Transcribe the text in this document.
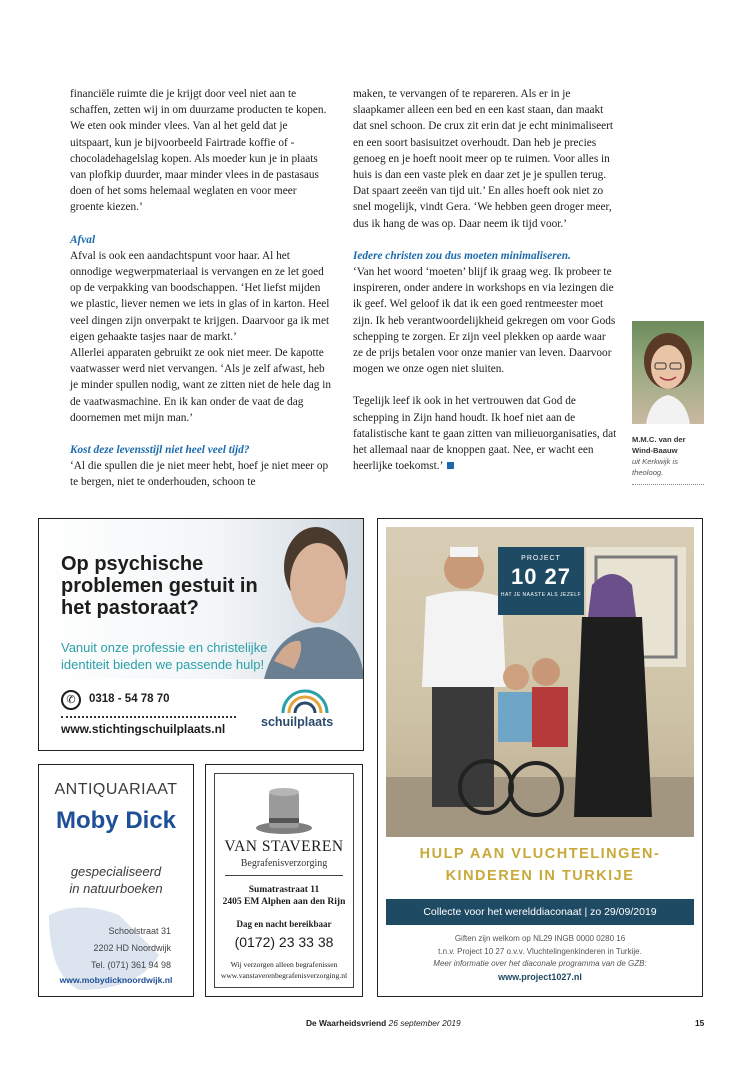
financiële ruimte die je krijgt door veel niet aan te schaffen, zetten wij in om duurzame producten te kopen. We eten ook minder vlees. Van al het geld dat je uitspaart, kun je bijvoorbeeld Fairtrade koffie of -chocoladehagelslag kopen. Als moeder kun je in plaats van plofkip duurder, maar minder vlees in de pastasaus doen of het soms helemaal weglaten en voor meer groente kiezen.’

Afval

Afval is ook een aandachtspunt voor haar. Al het onnodige wegwerpmateriaal is vervangen en ze let goed op de verpakking van boodschappen. ‘Het liefst mijden we plastic, liever nemen we iets in glas of in karton. Heel veel dingen zijn onverpakt te krijgen. Daarvoor ga ik met eigen gehaakte tasjes naar de markt.’

Allerlei apparaten gebruikt ze ook niet meer. De kapotte vaatwasser werd niet vervangen. ‘Als je zelf afwast, heb je minder spullen nodig, want ze zitten niet de hele dag in de vaatwasmachine. En ik kan onder de vaat de dag doornemen met mijn man.’

Kost deze levensstijl niet heel veel tijd?

‘Al die spullen die je niet meer hebt, hoef je niet meer op te bergen, niet te onderhouden, schoon te

maken, te vervangen of te repareren. Als er in je slaapkamer alleen een bed en een kast staan, dan maakt dat snel schoon. De crux zit erin dat je echt minimaliseert en een soort basisuitzet overhoudt. Dan heb je precies genoeg en je hoeft nooit meer op te ruimen. Voor alles in huis is dan een vaste plek en daar zet je je spullen terug. Dat spaart zeeën van tijd uit.’ En alles hoeft ook niet zo snel mogelijk, vindt Gera. ‘We hebben geen droger meer, dus ik hang de was op. Daar neem ik tijd voor.’

Iedere christen zou dus moeten minimaliseren.

‘Van het woord ‘moeten’ blijf ik graag weg. Ik probeer te inspireren, onder andere in workshops en via lezingen die ik geef. Wel geloof ik dat ik een goed rentmeester moet zijn. Ik heb verantwoordelijkheid gekregen om voor Gods schepping te zorgen. Er zijn veel plekken op aarde waar ze de prijs betalen voor onze manier van leven. Daarvoor mogen we onze ogen niet sluiten.

Tegelijk leef ik ook in het vertrouwen dat God de schepping in Zijn hand houdt. Ik hoef niet aan de fatalistische kant te gaan zitten van milieuorganisaties, dat het allemaal naar de knoppen gaat. Nee, er wacht een heerlijke toekomst.’

M.M.C. van der
Wind-Baauw
uit Kerkwijk is
theoloog.
Op psychische problemen gestuit in het pastoraat?
Vanuit onze professie en christelijke identiteit bieden we passende hulp!
✆	0318 - 54 78 70
www.stichtingschuilplaats.nl	schuilplaats
ANTIQUARIAAT
Moby Dick
gespecialiseerd
in natuurboeken
Schoolstraat 31
2202 HD Noordwijk
Tel. (071) 361 94 98
www.mobydicknoordwijk.nl
VAN STAVEREN
Begrafenisverzorging
Sumatrastraat 11
2405 EM Alphen aan den Rijn
Dag en nacht bereikbaar
(0172) 23 33 38
Wij verzorgen alleen begrafenissen
www.vanstaverenbegrafenisverzorging.nl
PROJECT
10 27
HAT JE NAASTE ALS JEZELF
HULP AAN VLUCHTELINGEN-
KINDEREN IN TURKIJE
Collecte voor het werelddiaconaat | zo 29/09/2019
Giften zijn welkom op NL29 INGB 0000 0280 16
t.n.v. Project 10 27 o.v.v. Vluchtelingenkinderen in Turkije.
Meer informatie over het diaconale programma van de GZB:
www.project1027.nl
De Waarheidsvriend 26 september 2019	15
